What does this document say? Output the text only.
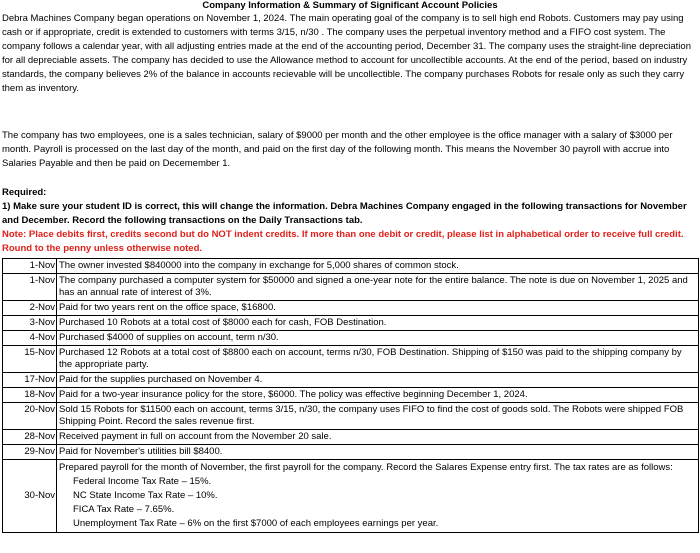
Company Information & Summary of Significant Account Policies

Debra Machines Company began operations on November 1, 2024. The main operating goal of the company is to sell high end Robots. Customers may pay using cash or if appropriate, credit is extended to customers with terms 3/15, n/30 . The company uses the perpetual inventory method and a FIFO cost system. The company follows a calendar year, with all adjusting entries made at the end of the accounting period, December 31. The company uses the straight-line depreciation for all depreciable assets. The company has decided to use the Allowance method to account for uncollectible accounts. At the end of the period, based on industry standards, the company believes 2% of the balance in accounts recievable will be uncollectible. The company purchases Robots for resale only as such they carry them as inventory.

The company has two employees, one is a sales technician, salary of $9000 per month and the other employee is the office manager with a salary of $3000 per month. Payroll is processed on the last day of the month, and paid on the first day of the following month. This means the November 30 payroll with accrue into Salaries Payable and then be paid on Decemember 1.

Required:
1) Make sure your student ID is correct, this will change the information. Debra Machines Company engaged in the following transactions for November and December. Record the following transactions on the Daily Transactions tab.
Note: Place debits first, credits second but do NOT indent credits. If more than one debit or credit, please list in alphabetical order to receive full credit. Round to the penny unless otherwise noted.
1-Nov	The owner invested $840000 into the company in exchange for 5,000 shares of common stock.
1-Nov	The company purchased a computer system for $50000 and signed a one-year note for the entire balance. The note is due on November 1, 2025 and has an annual rate of interest of 3%.
2-Nov	Paid for two years rent on the office space, $16800.
3-Nov	Purchased 10 Robots at a total cost of $8000 each for cash, FOB Destination.
4-Nov	Purchased $4000 of supplies on account, term n/30.
15-Nov	Purchased 12 Robots at a total cost of $8800 each on account, terms n/30, FOB Destination. Shipping of $150 was paid to the shipping company by the appropriate party.
17-Nov	Paid for the supplies purchased on November 4.
18-Nov	Paid for a two-year insurance policy for the store, $6000. The policy was effective beginning December 1, 2024.
20-Nov	Sold 15 Robots for $11500 each on account, terms 3/15, n/30, the company uses FIFO to find the cost of goods sold. The Robots were shipped FOB Shipping Point. Record the sales revenue first.
28-Nov	Received payment in full on account from the November 20 sale.
29-Nov	Paid for November's utilities bill $8400.
30-Nov	Prepared payroll for the month of November, the first payroll for the company. Record the Salares Expense entry first. The tax rates are as follows:
Federal Income Tax Rate – 15%.
NC State Income Tax Rate – 10%.
FICA Tax Rate – 7.65%.
Unemployment Tax Rate – 6% on the first $7000 of each employees earnings per year.
